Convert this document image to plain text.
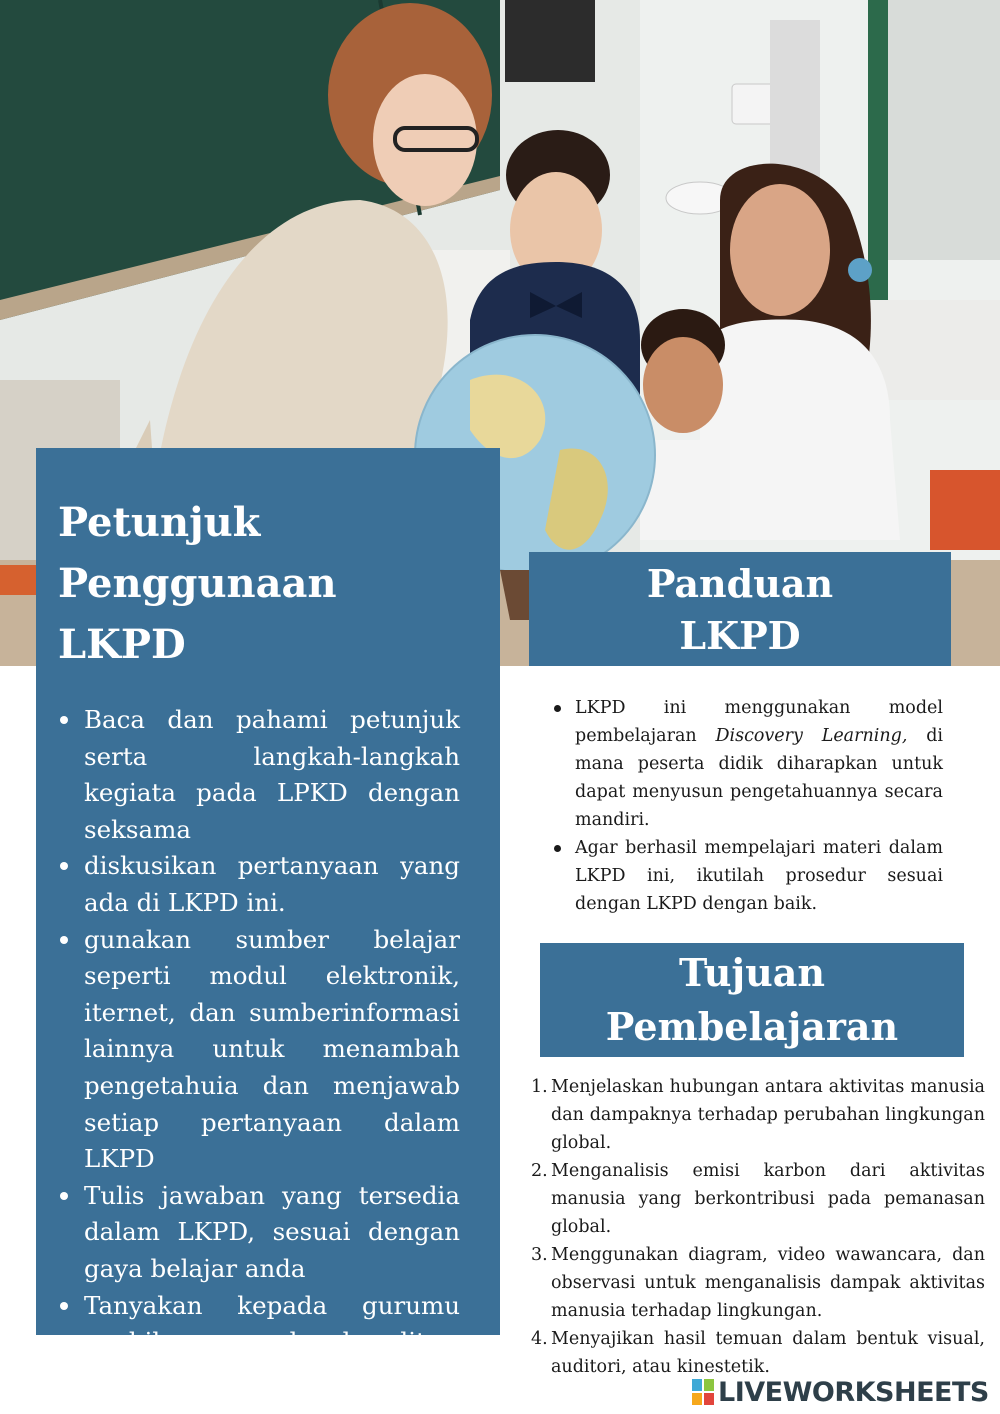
Petunjuk
Penggunaan
LKPD
Baca dan pahami petunjuk serta langkah-langkah kegiata pada LPKD dengan seksama
diskusikan pertanyaan yang ada di LKPD ini.
gunakan sumber belajar seperti modul elektronik, iternet, dan sumberinformasi lainnya untuk menambah pengetahuia dan menjawab setiap pertanyaan dalam LKPD
Tulis jawaban yang tersedia dalam LKPD, sesuai dengan gaya belajar anda
Tanyakan kepada gurumu apabila menemukan kesulitan
Panduan
LKPD
LKPD ini menggunakan model pembelajaran Discovery Learning, di mana peserta didik diharapkan untuk dapat menyusun pengetahuannya secara mandiri.
Agar berhasil mempelajari materi dalam LKPD ini, ikutilah prosedur sesuai dengan LKPD dengan baik.
Tujuan
Pembelajaran
1. Menjelaskan hubungan antara aktivitas manusia dan dampaknya terhadap perubahan lingkungan global.
2. Menganalisis emisi karbon dari aktivitas manusia yang berkontribusi pada pemanasan global.
3. Menggunakan diagram, video wawancara, dan observasi untuk menganalisis dampak aktivitas manusia terhadap lingkungan.
4. Menyajikan hasil temuan dalam bentuk visual, auditori, atau kinestetik.
LIVEWORKSHEETS
